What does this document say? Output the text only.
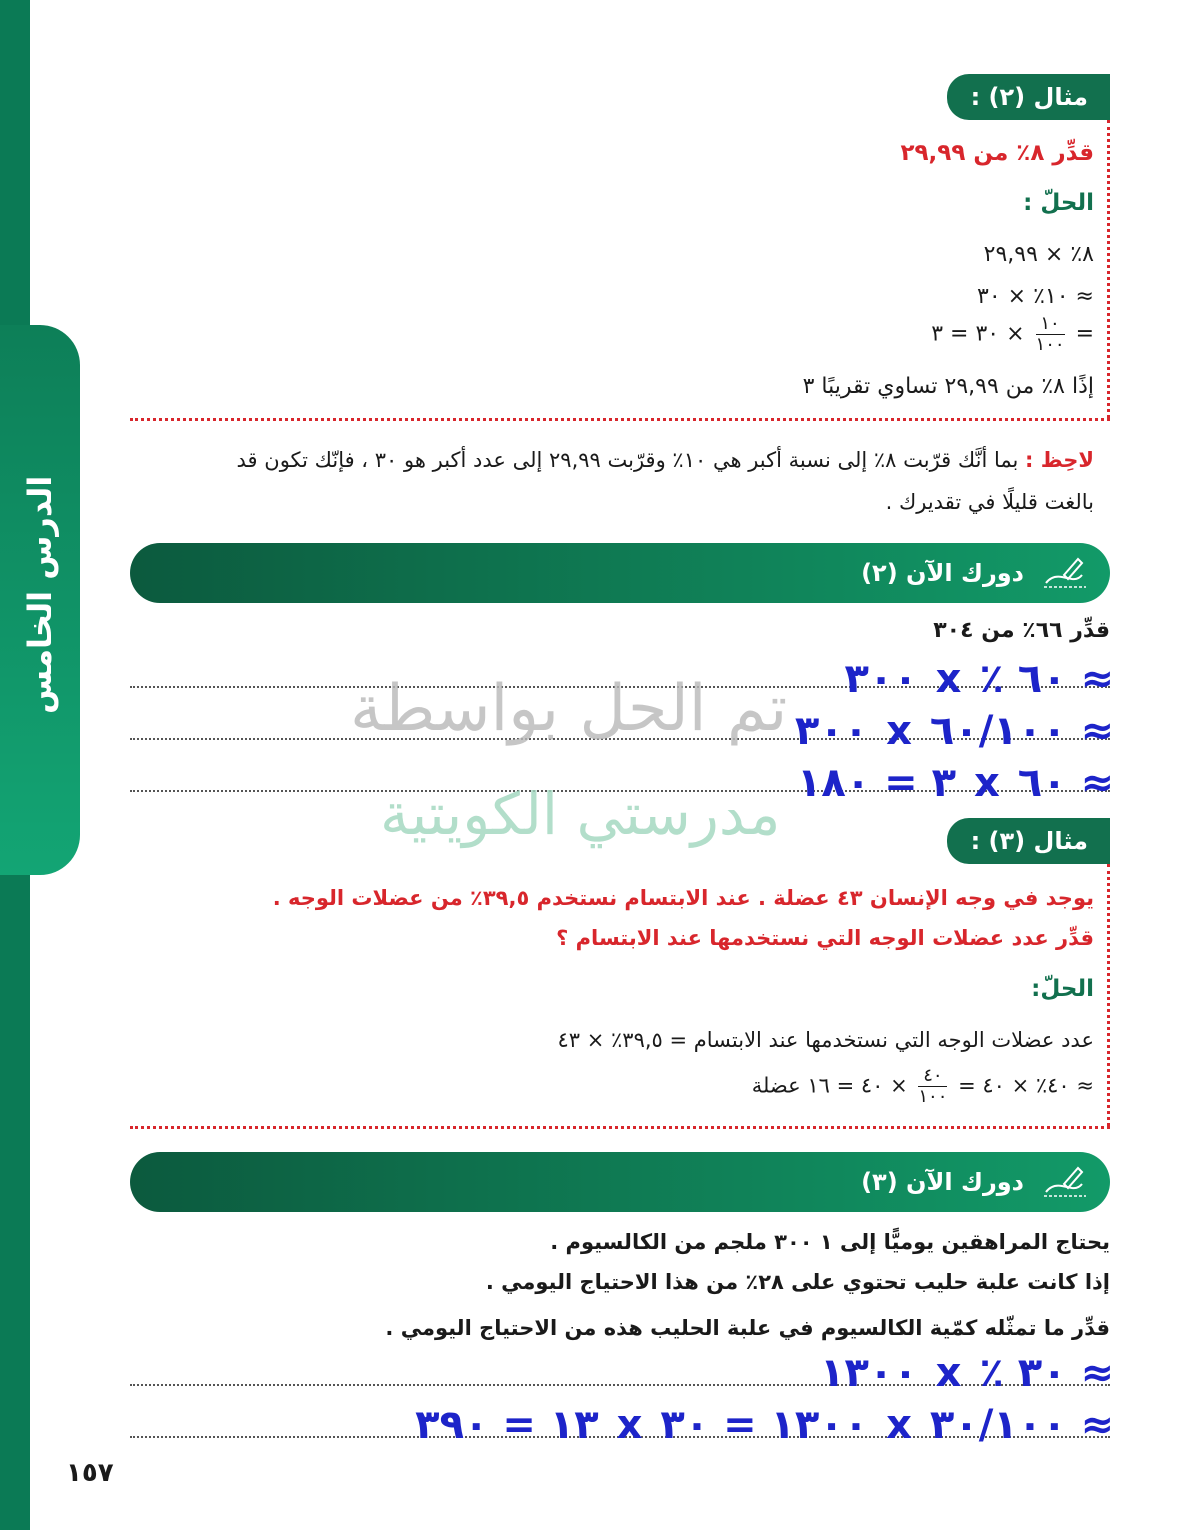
الدرس الخامس
مثال (٢) :
قدِّر ٨٪ من ٢٩,٩٩
الحلّ :
٨٪ × ٢٩,٩٩
≈ ١٠٪ × ٣٠
=
$\frac{١٠}{١٠٠}$
× ٣٠ = ٣
إذًا ٨٪ من ٢٩,٩٩ تساوي تقريبًا ٣
لاحِظ : بما أنَّك قرّبت ٨٪ إلى نسبة أكبر هي ١٠٪ وقرّبت ٢٩,٩٩ إلى عدد أكبر هو ٣٠ ، فإنّك تكون قد
بالغت قليلًا في تقديرك .
دورك الآن (٢)
قدِّر ٦٦٪ من ٣٠٤
≈ ٦٠ ٪ x ٣٠٠
≈ ٦٠/١٠٠ x ٣٠٠
≈ ٦٠ x ٣ = ١٨٠
تم الحل بواسطة
مدرستي الكويتية	مثال (٣) :
يوجد في وجه الإنسان ٤٣ عضلة . عند الابتسام نستخدم ٣٩,٥٪ من عضلات الوجه .
قدِّر عدد عضلات الوجه التي نستخدمها عند الابتسام ؟
الحلّ:
عدد عضلات الوجه التي نستخدمها عند الابتسام = ٣٩,٥٪ × ٤٣
≈ ٤٠٪ × ٤٠ =
$\frac{٤٠}{١٠٠}$
× ٤٠ = ١٦ عضلة
دورك الآن (٣)
يحتاج المراهقين يوميًّا إلى ١ ٣٠٠ ملجم من الكالسيوم .
إذا كانت علبة حليب تحتوي على ٢٨٪ من هذا الاحتياج اليومي .
قدِّر ما تمثّله كمّية الكالسيوم في علبة الحليب هذه من الاحتياج اليومي .
≈ ٣٠ ٪ x ١٣٠٠
≈ ٣٠/١٠٠ x ١٣٠٠ = ٣٠ x ١٣ = ٣٩٠
١٥٧
